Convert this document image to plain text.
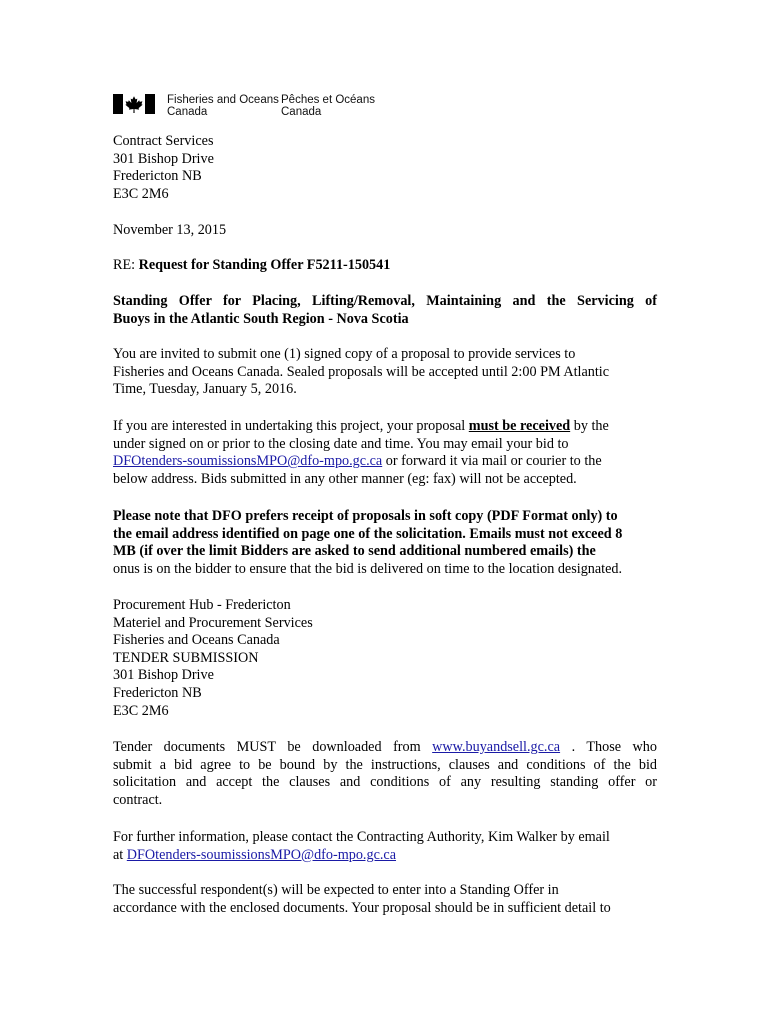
Fisheries and Oceans
Canada
Pêches et Océans
Canada
Contract Services
301 Bishop Drive
Fredericton NB
E3C 2M6
November 13, 2015
RE: Request for Standing Offer F5211-150541
Standing Offer for Placing, Lifting/Removal, Maintaining and the Servicing of
Buoys in the Atlantic South Region - Nova Scotia
You are invited to submit one (1) signed copy of a proposal to provide services to
Fisheries and Oceans Canada. Sealed proposals will be accepted until 2:00 PM Atlantic
Time, Tuesday, January 5, 2016.
If you are interested in undertaking this project, your proposal must be received by the
under signed on or prior to the closing date and time. You may email your bid to
DFOtenders-soumissionsMPO@dfo-mpo.gc.ca or forward it via mail or courier to the
below address. Bids submitted in any other manner (eg: fax) will not be accepted.
Please note that DFO prefers receipt of proposals in soft copy (PDF Format only) to
the email address identified on page one of the solicitation. Emails must not exceed 8
MB (if over the limit Bidders are asked to send additional numbered emails) the
onus is on the bidder to ensure that the bid is delivered on time to the location designated.
Procurement Hub - Fredericton
Materiel and Procurement Services
Fisheries and Oceans Canada
TENDER SUBMISSION
301 Bishop Drive
Fredericton NB
E3C 2M6
Tender documents MUST be downloaded from www.buyandsell.gc.ca . Those who
submit a bid agree to be bound by the instructions, clauses and conditions of the bid
solicitation and accept the clauses and conditions of any resulting standing offer or
contract.
For further information, please contact the Contracting Authority, Kim Walker by email
at DFOtenders-soumissionsMPO@dfo-mpo.gc.ca
The successful respondent(s) will be expected to enter into a Standing Offer in
accordance with the enclosed documents. Your proposal should be in sufficient detail to
